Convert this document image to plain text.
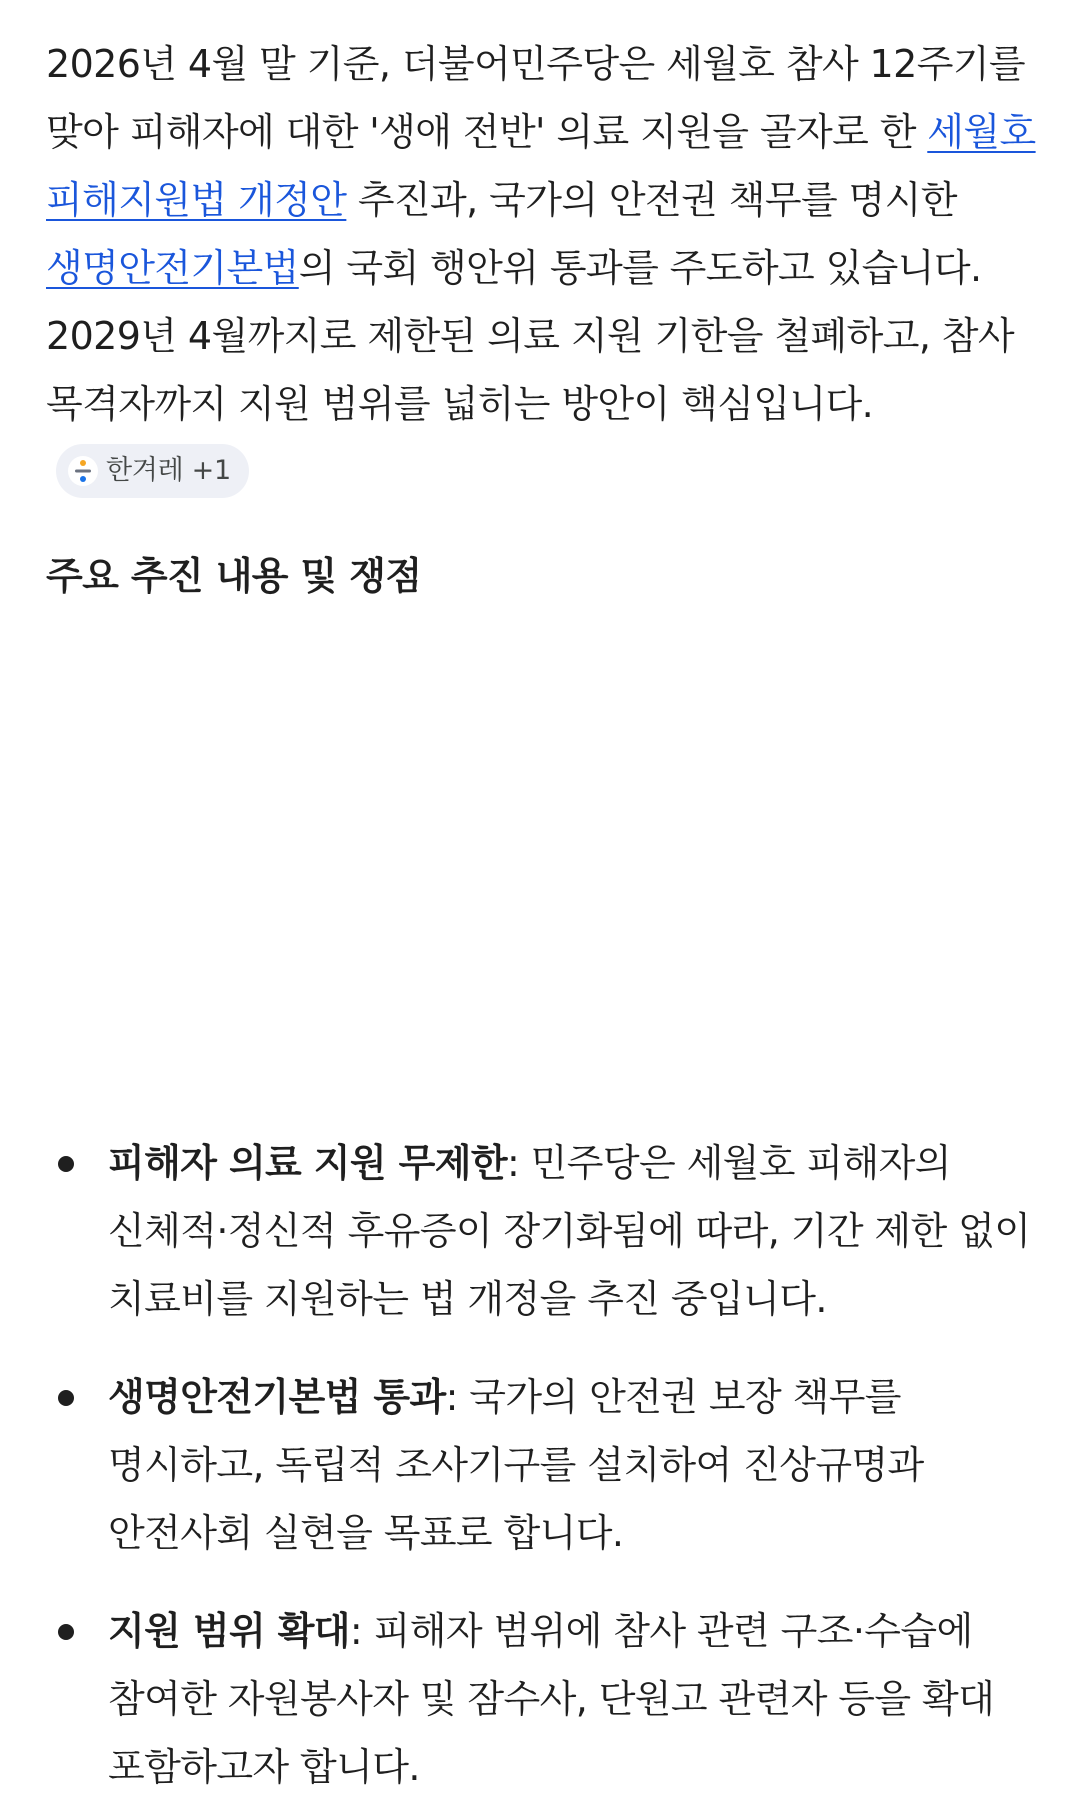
2026년 4월 말 기준, 더불어민주당은 세월호 참사 12주기를 맞아 피해자에 대한 '생애 전반' 의료 지원을 골자로 한 세월호 피해지원법 개정안 추진과, 국가의 안전권 책무를 명시한 생명안전기본법의 국회 행안위 통과를 주도하고 있습니다. 2029년 4월까지로 제한된 의료 지원 기한을 철폐하고, 참사 목격자까지 지원 범위를 넓히는 방안이 핵심입니다.
한겨레 +1

주요 추진 내용 및 쟁점
피해자 의료 지원 무제한: 민주당은 세월호 피해자의 신체적·정신적 후유증이 장기화됨에 따라, 기간 제한 없이 치료비를 지원하는 법 개정을 추진 중입니다.
생명안전기본법 통과: 국가의 안전권 보장 책무를 명시하고, 독립적 조사기구를 설치하여 진상규명과 안전사회 실현을 목표로 합니다.
지원 범위 확대: 피해자 범위에 참사 관련 구조·수습에 참여한 자원봉사자 및 잠수사, 단원고 관련자 등을 확대 포함하고자 합니다.
